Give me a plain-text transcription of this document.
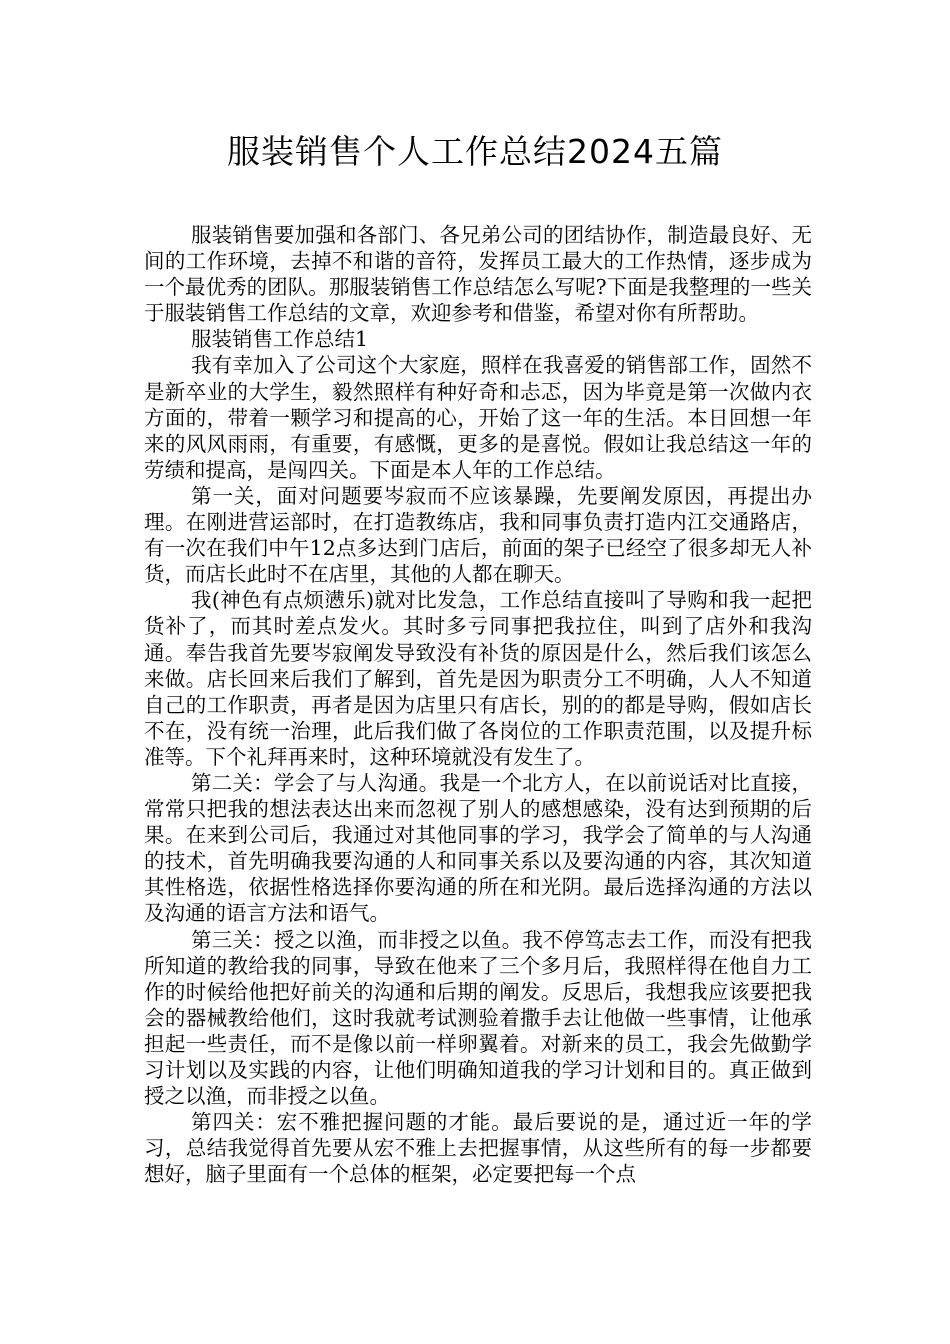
服装销售个人工作总结2024五篇

服装销售要加强和各部门、各兄弟公司的团结协作，制造最良好、无间的工作环境，去掉不和谐的音符，发挥员工最大的工作热情，逐步成为一个最优秀的团队。那服装销售工作总结怎么写呢?下面是我整理的一些关于服装销售工作总结的文章，欢迎参考和借鉴，希望对你有所帮助。

服装销售工作总结1

我有幸加入了公司这个大家庭，照样在我喜爱的销售部工作，固然不是新卒业的大学生，毅然照样有种好奇和忐忑，因为毕竟是第一次做内衣方面的，带着一颗学习和提高的心，开始了这一年的生活。本日回想一年来的风风雨雨，有重要，有感慨，更多的是喜悦。假如让我总结这一年的劳绩和提高，是闯四关。下面是本人年的工作总结。

第一关，面对问题要岑寂而不应该暴躁，先要阐发原因，再提出办理。在刚进营运部时，在打造教练店，我和同事负责打造内江交通路店，有一次在我们中午12点多达到门店后，前面的架子已经空了很多却无人补货，而店长此时不在店里，其他的人都在聊天。

我(神色有点烦懑乐)就对比发急，工作总结直接叫了导购和我一起把货补了，而其时差点发火。其时多亏同事把我拉住，叫到了店外和我沟通。奉告我首先要岑寂阐发导致没有补货的原因是什么，然后我们该怎么来做。店长回来后我们了解到，首先是因为职责分工不明确，人人不知道自己的工作职责，再者是因为店里只有店长，别的的都是导购，假如店长不在，没有统一治理，此后我们做了各岗位的工作职责范围，以及提升标准等。下个礼拜再来时，这种环境就没有发生了。

第二关：学会了与人沟通。我是一个北方人，在以前说话对比直接，常常只把我的想法表达出来而忽视了别人的感想感染，没有达到预期的后果。在来到公司后，我通过对其他同事的学习，我学会了简单的与人沟通的技术，首先明确我要沟通的人和同事关系以及要沟通的内容，其次知道其性格选，依据性格选择你要沟通的所在和光阴。最后选择沟通的方法以及沟通的语言方法和语气。

第三关：授之以渔，而非授之以鱼。我不停笃志去工作，而没有把我所知道的教给我的同事，导致在他来了三个多月后，我照样得在他自力工作的时候给他把好前关的沟通和后期的阐发。反思后，我想我应该要把我会的器械教给他们，这时我就考试测验着撒手去让他做一些事情，让他承担起一些责任，而不是像以前一样卵翼着。对新来的员工，我会先做勤学习计划以及实践的内容，让他们明确知道我的学习计划和目的。真正做到授之以渔，而非授之以鱼。

第四关：宏不雅把握问题的才能。最后要说的是，通过近一年的学习，总结我觉得首先要从宏不雅上去把握事情，从这些所有的每一步都要想好，脑子里面有一个总体的框架，必定要把每一个点
